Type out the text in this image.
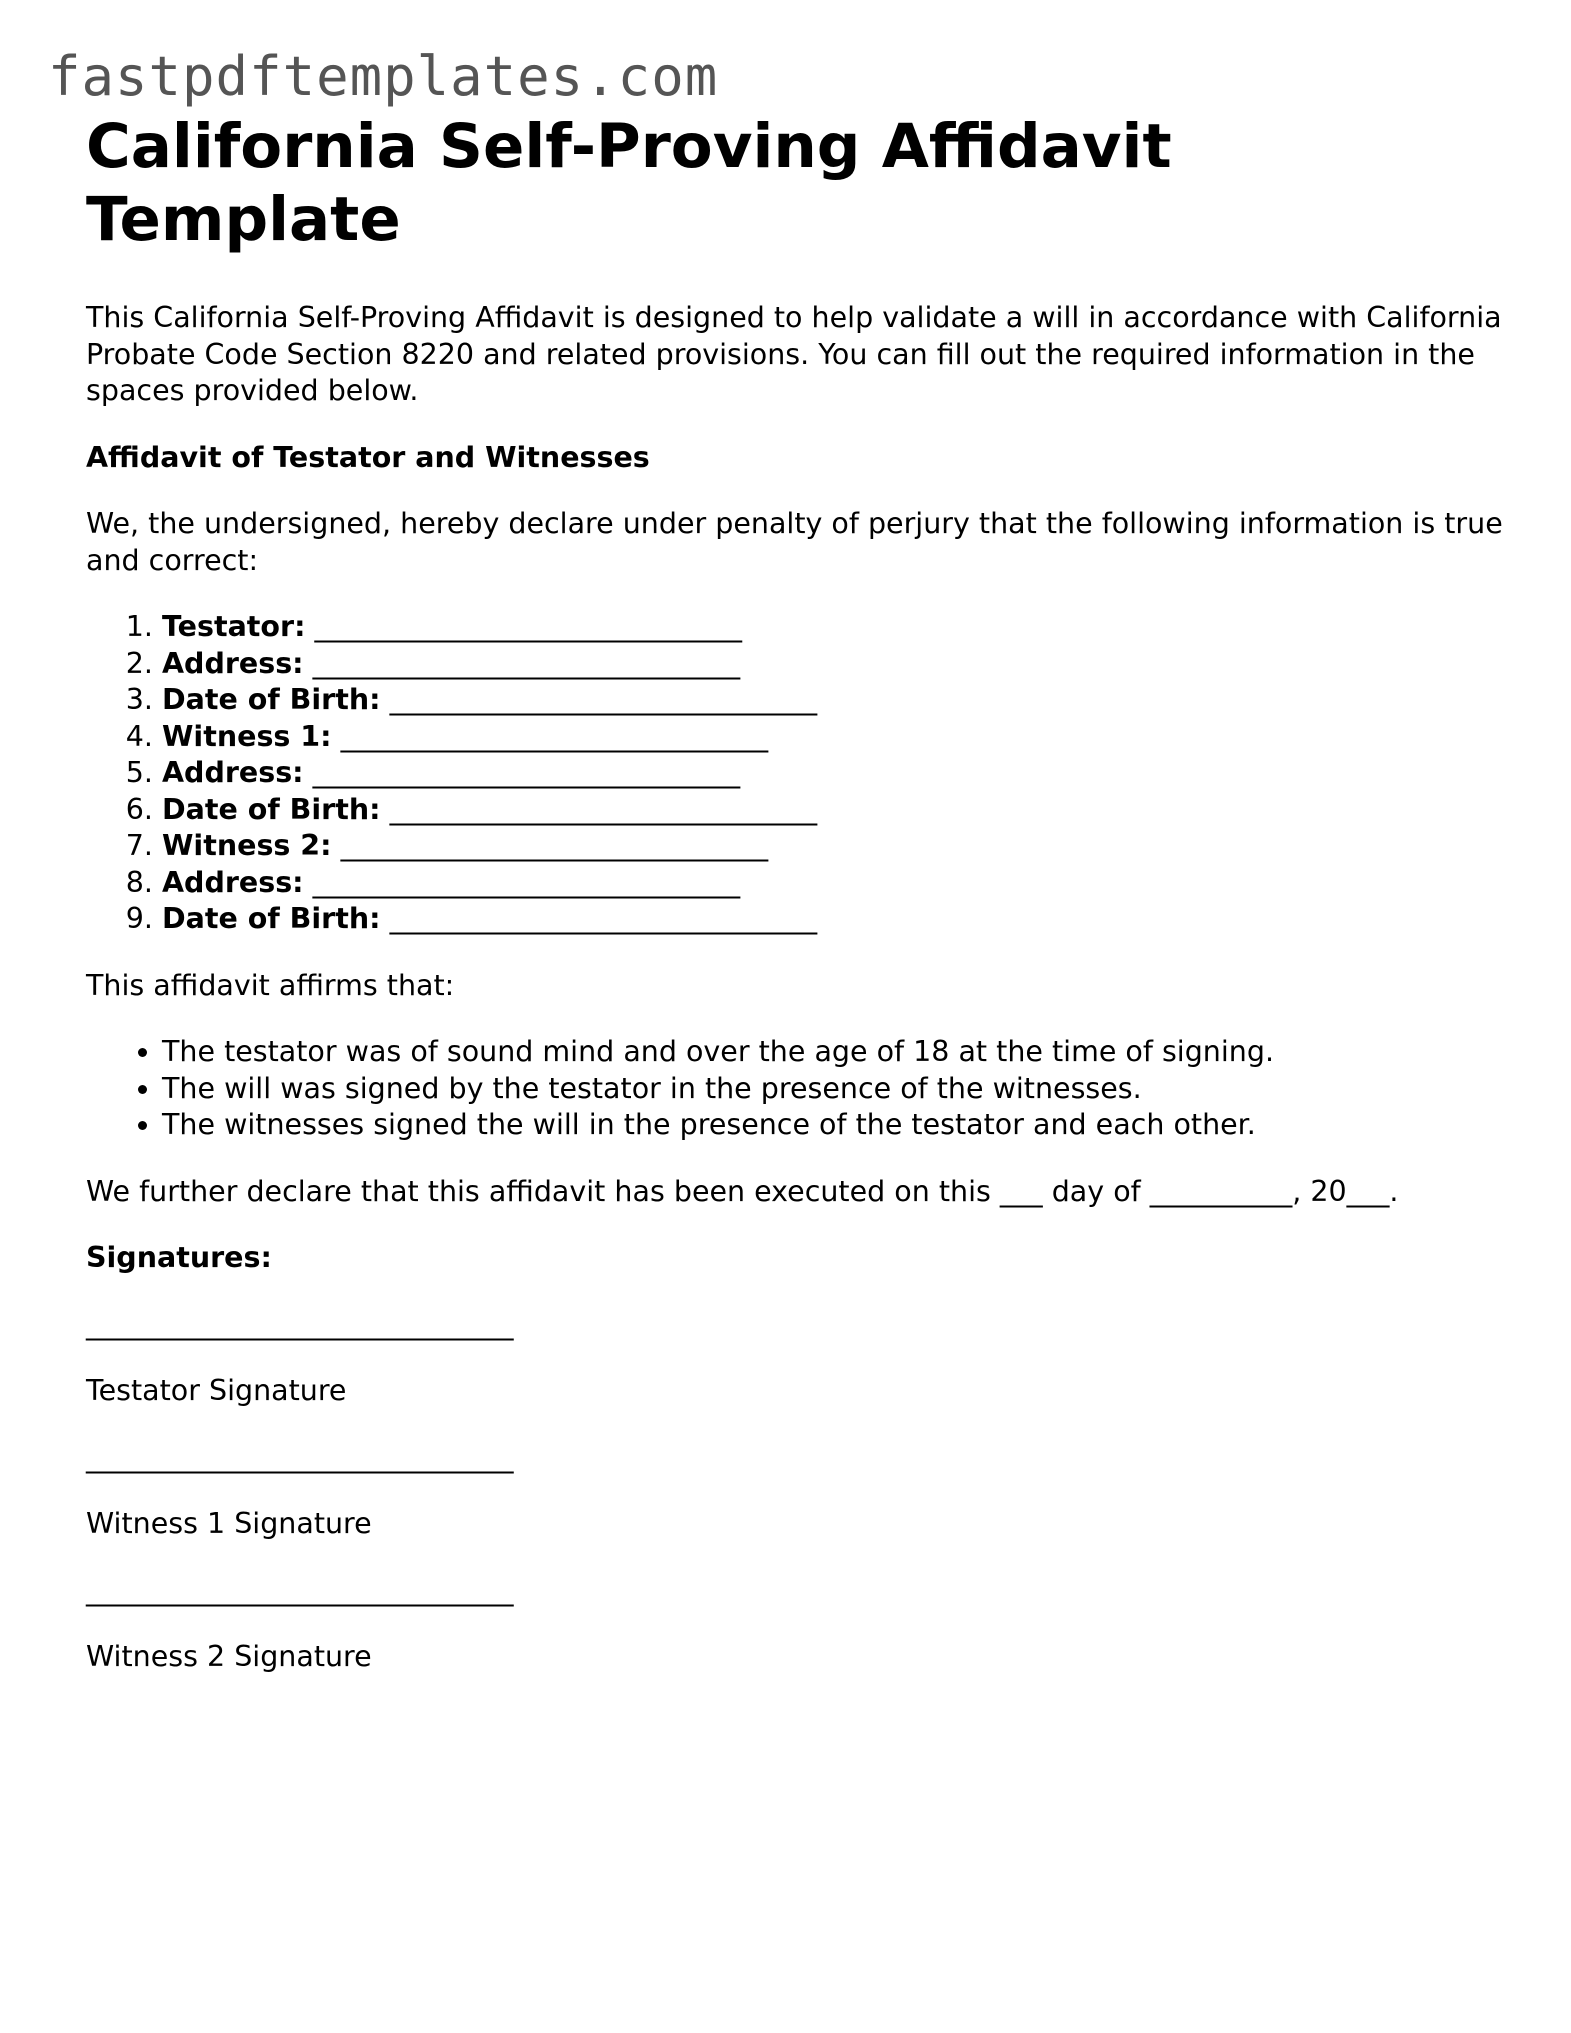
fastpdftemplates.com
California Self-Proving Affidavit Template

This California Self-Proving Affidavit is designed to help validate a will in accordance with California Probate Code Section 8220 and related provisions. You can fill out the required information in the spaces provided below.

Affidavit of Testator and Witnesses

We, the undersigned, hereby declare under penalty of perjury that the following information is true and correct:

1. Testator: ______________________________
2. Address: ______________________________
3. Date of Birth: ______________________________
4. Witness 1: ______________________________
5. Address: ______________________________
6. Date of Birth: ______________________________
7. Witness 2: ______________________________
8. Address: ______________________________
9. Date of Birth: ______________________________

This affidavit affirms that:

• The testator was of sound mind and over the age of 18 at the time of signing.
• The will was signed by the testator in the presence of the witnesses.
• The witnesses signed the will in the presence of the testator and each other.

We further declare that this affidavit has been executed on this ___ day of __________, 20___.

Signatures:

______________________________

Testator Signature

______________________________

Witness 1 Signature

______________________________

Witness 2 Signature
